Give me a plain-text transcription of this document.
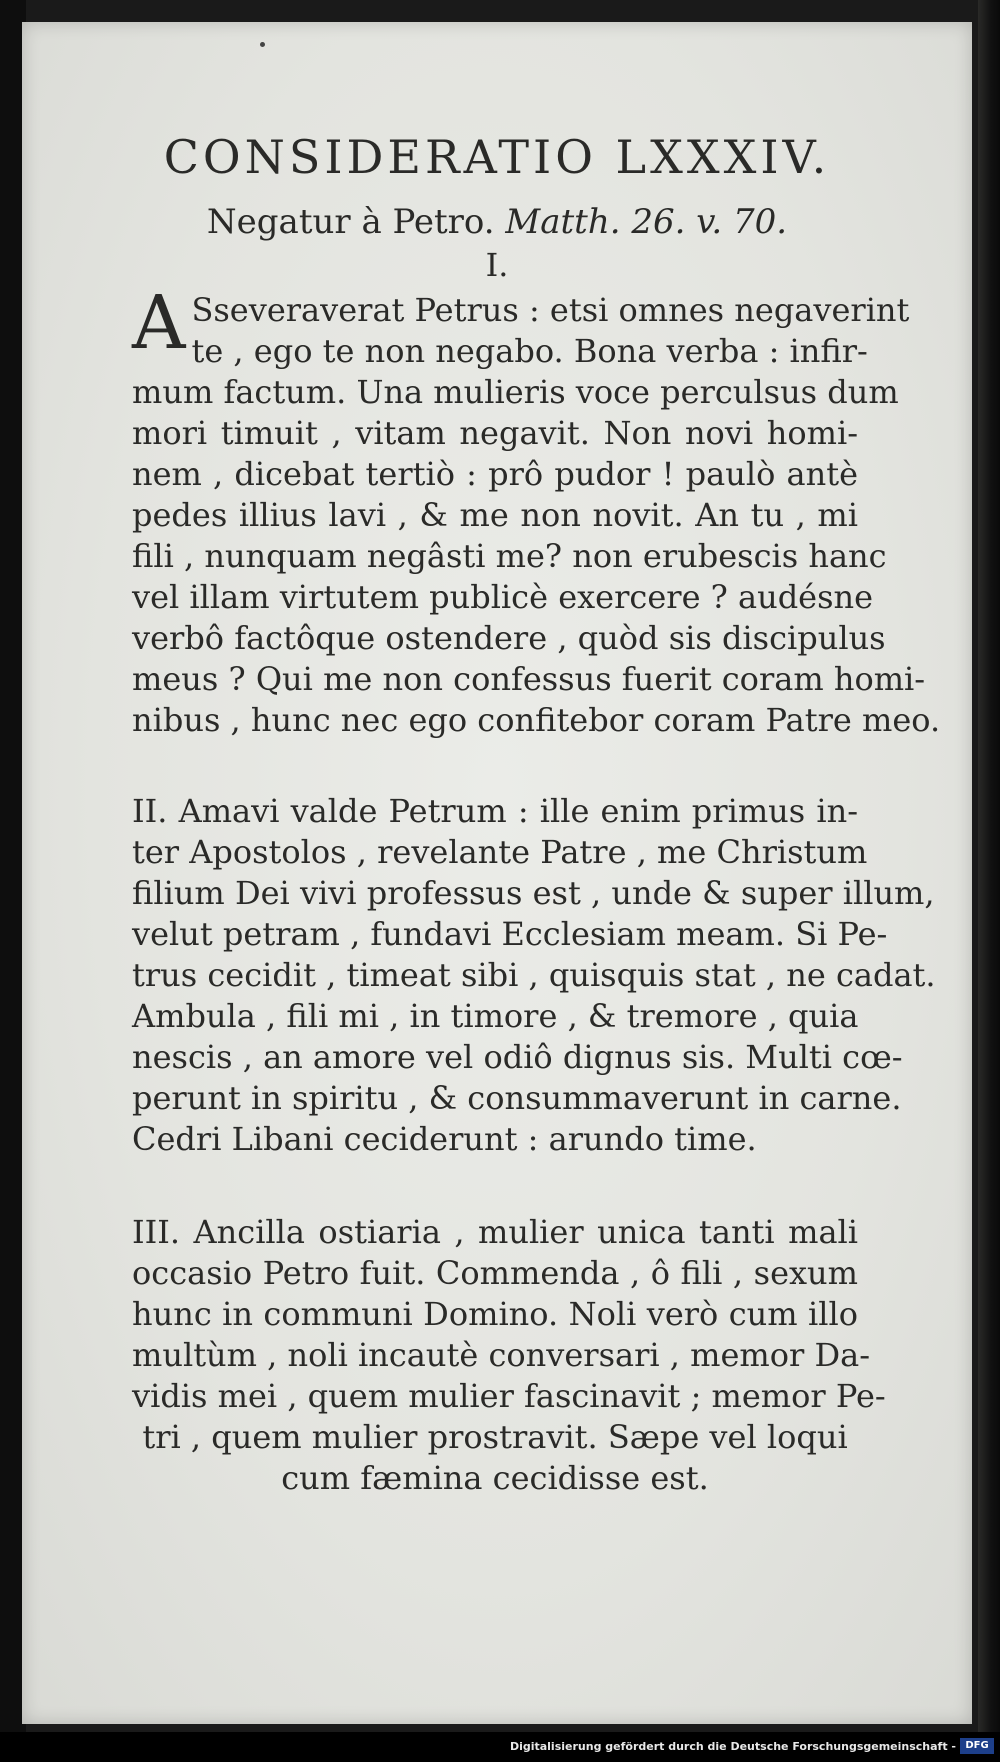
CONSIDERATIO LXXXIV.
Negatur à Petro. Matth. 26. v. 70.
I.
A Sseveraverat Petrus : etsi omnes negaverint
te , ego te non negabo. Bona verba : infir-
mum factum. Una mulieris voce perculsus dum
mori timuit , vitam negavit. Non novi homi-
nem , dicebat tertiò : prô pudor ! paulò antè
pedes illius lavi , & me non novit. An tu , mi
fili , nunquam negâsti me? non erubescis hanc
vel illam virtutem publicè exercere ? audésne
verbô factôque ostendere , quòd sis discipulus
meus ? Qui me non confessus fuerit coram homi-
nibus , hunc nec ego confitebor coram Patre meo.
II. Amavi valde Petrum : ille enim primus in-
ter Apostolos , revelante Patre , me Christum
filium Dei vivi professus est , unde & super illum,
velut petram , fundavi Ecclesiam meam. Si Pe-
trus cecidit , timeat sibi , quisquis stat , ne cadat.
Ambula , fili mi , in timore , & tremore , quia
nescis , an amore vel odiô dignus sis. Multi cœ-
perunt in spiritu , & consummaverunt in carne.
Cedri Libani ceciderunt : arundo time.
III. Ancilla ostiaria , mulier unica tanti mali
occasio Petro fuit. Commenda , ô fili , sexum
hunc in communi Domino. Noli verò cum illo
multùm , noli incautè conversari , memor Da-
vidis mei , quem mulier fascinavit ; memor Pe-
tri , quem mulier prostravit. Sæpe vel loqui
cum fæmina cecidisse est.
Digitalisierung gefördert durch die Deutsche Forschungsgemeinschaft - DFG
